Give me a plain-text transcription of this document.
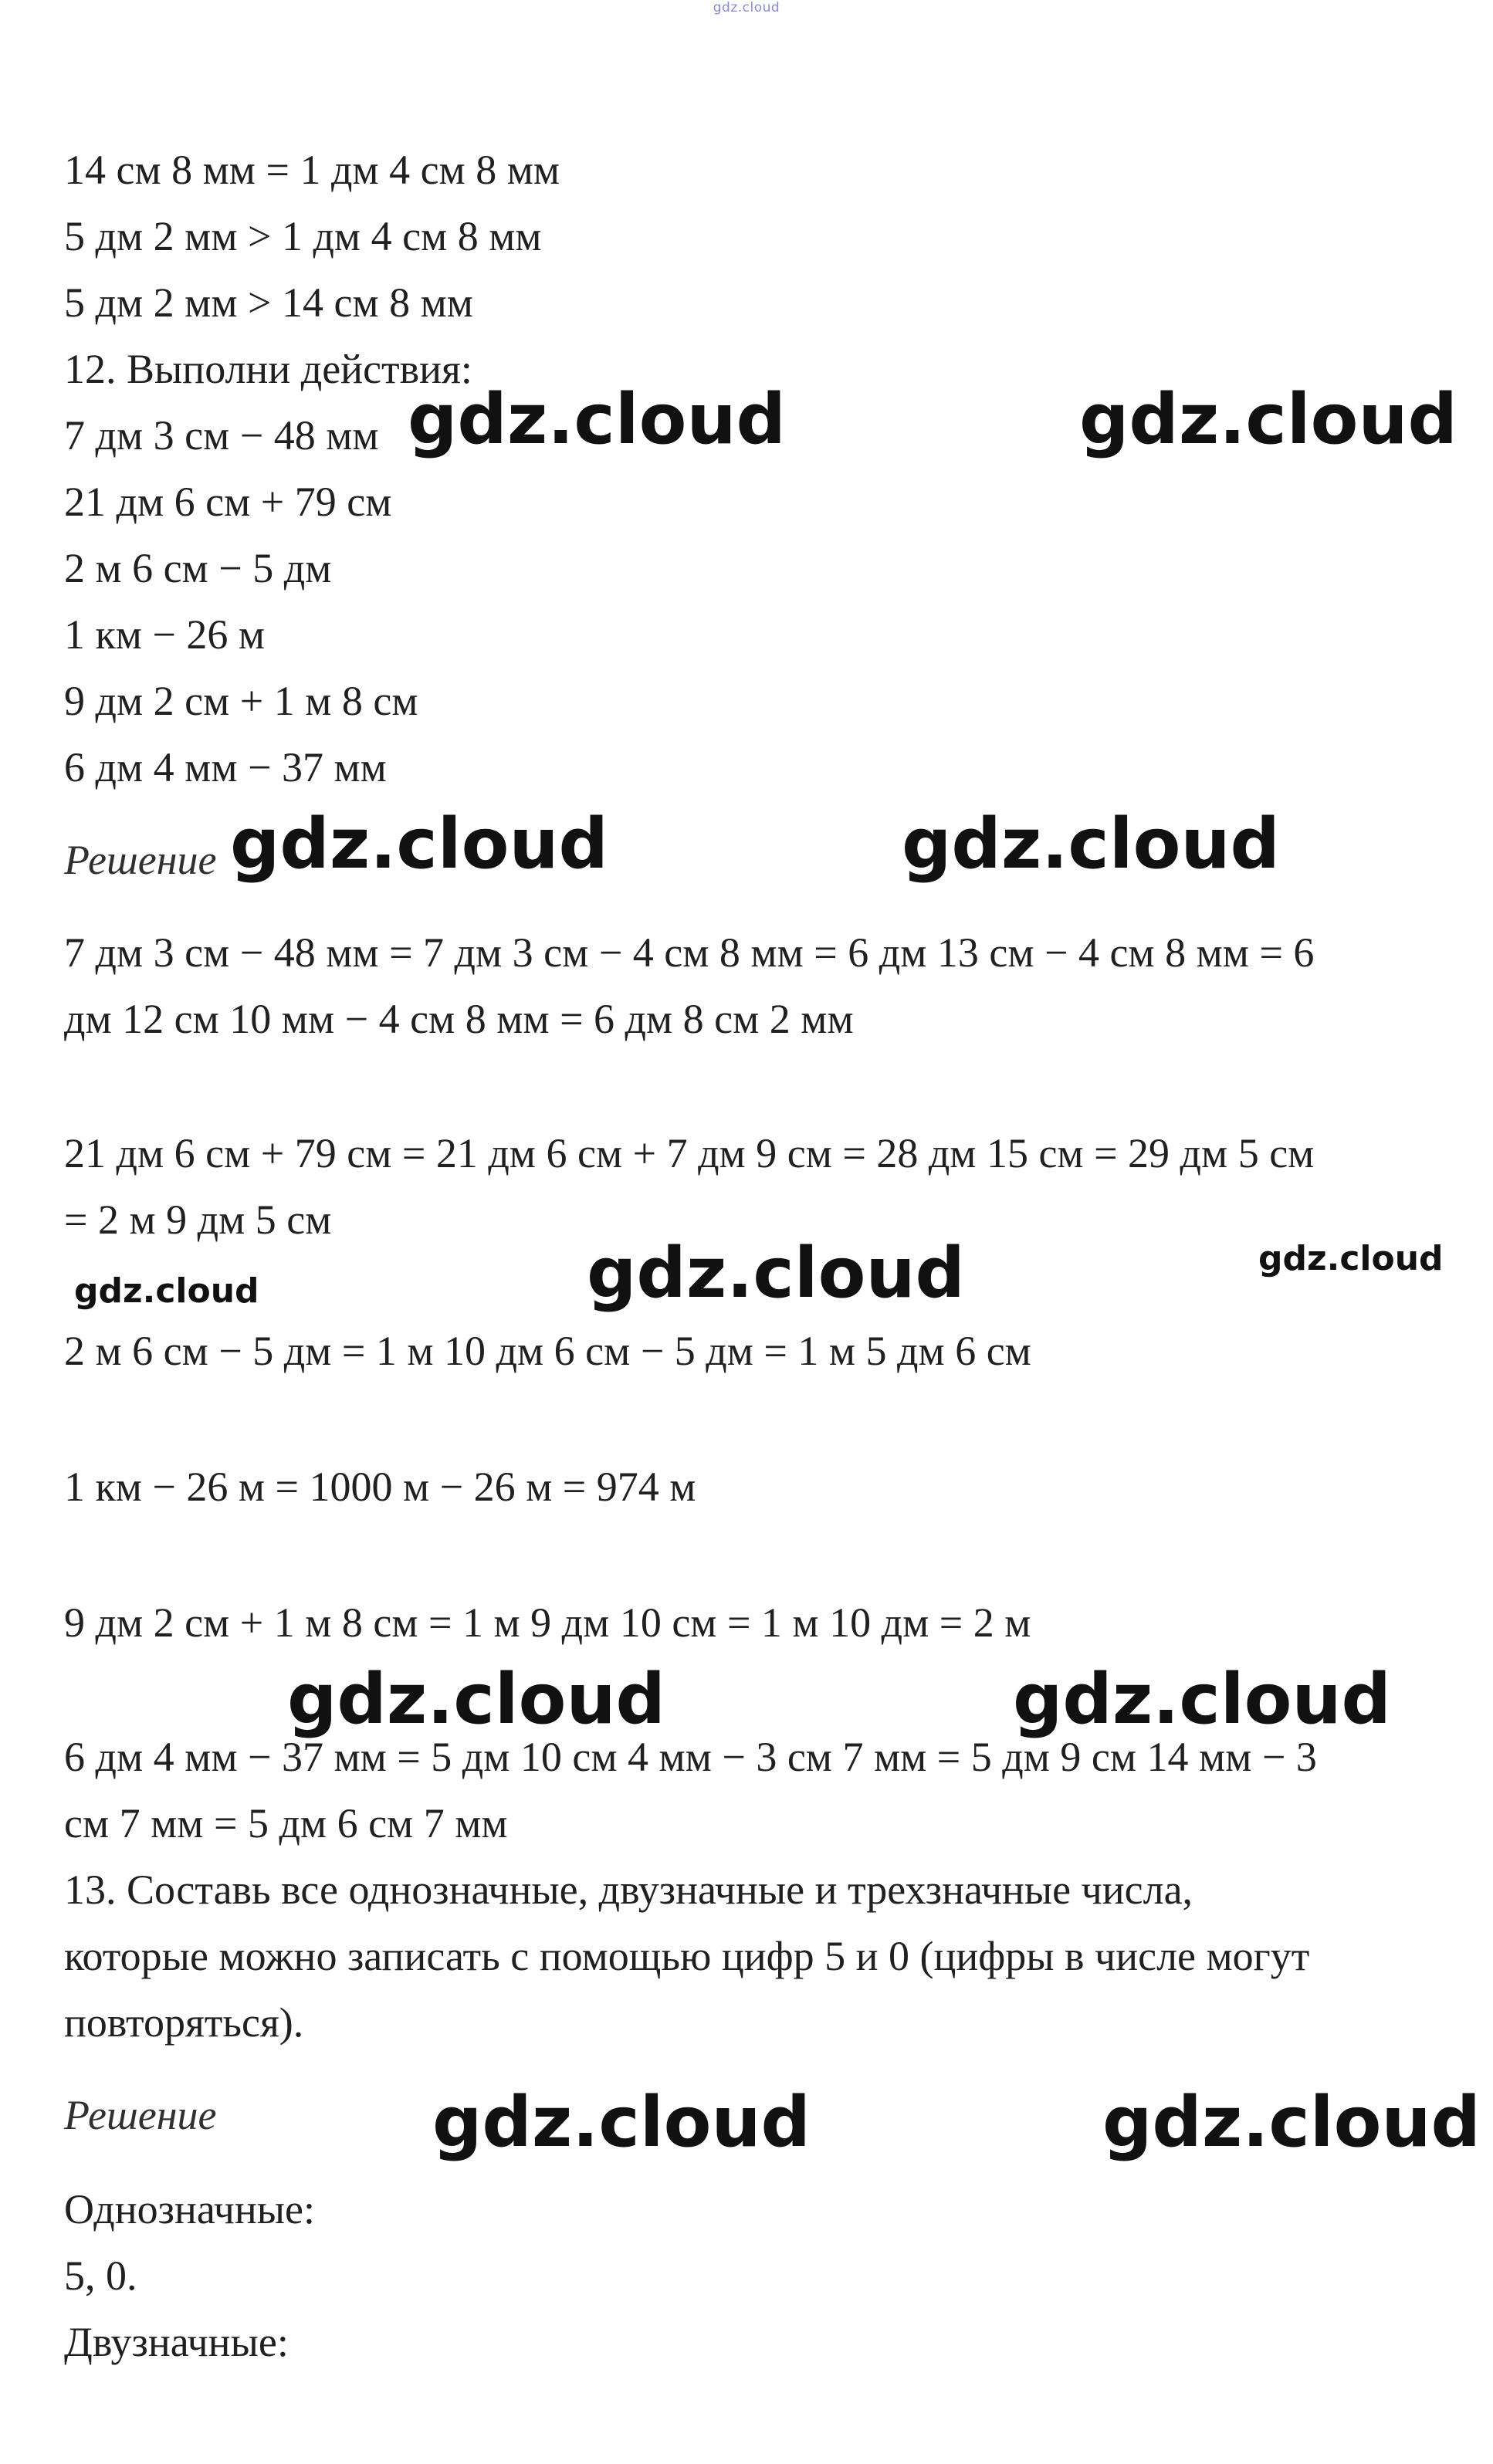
gdz.cloud
14 см 8 мм = 1 дм 4 см 8 мм
5 дм 2 мм > 1 дм 4 см 8 мм
5 дм 2 мм > 14 см 8 мм
12. Выполни действия:
7 дм 3 см − 48 мм
21 дм 6 см + 79 см
2 м 6 см − 5 дм
1 км − 26 м
9 дм 2 см + 1 м 8 см
6 дм 4 мм − 37 мм
Решение
7 дм 3 см − 48 мм = 7 дм 3 см − 4 см 8 мм = 6 дм 13 см − 4 см 8 мм = 6
дм 12 см 10 мм − 4 см 8 мм = 6 дм 8 см 2 мм
21 дм 6 см + 79 см = 21 дм 6 см + 7 дм 9 см = 28 дм 15 см = 29 дм 5 см
= 2 м 9 дм 5 см
2 м 6 см − 5 дм = 1 м 10 дм 6 см − 5 дм = 1 м 5 дм 6 см
1 км − 26 м = 1000 м − 26 м = 974 м
9 дм 2 см + 1 м 8 см = 1 м 9 дм 10 см = 1 м 10 дм = 2 м
6 дм 4 мм − 37 мм = 5 дм 10 см 4 мм − 3 см 7 мм = 5 дм 9 см 14 мм − 3
см 7 мм = 5 дм 6 см 7 мм
13. Составь все однозначные, двузначные и трехзначные числа,
которые можно записать с помощью цифр 5 и 0 (цифры в числе могут
повторяться).
Решение
Однозначные:
5, 0.
Двузначные:
gdz.cloud	gdz.cloud
gdz.cloud	gdz.cloud
gdz.cloud	gdz.cloud
gdz.cloud
gdz.cloud	gdz.cloud
gdz.cloud	gdz.cloud
